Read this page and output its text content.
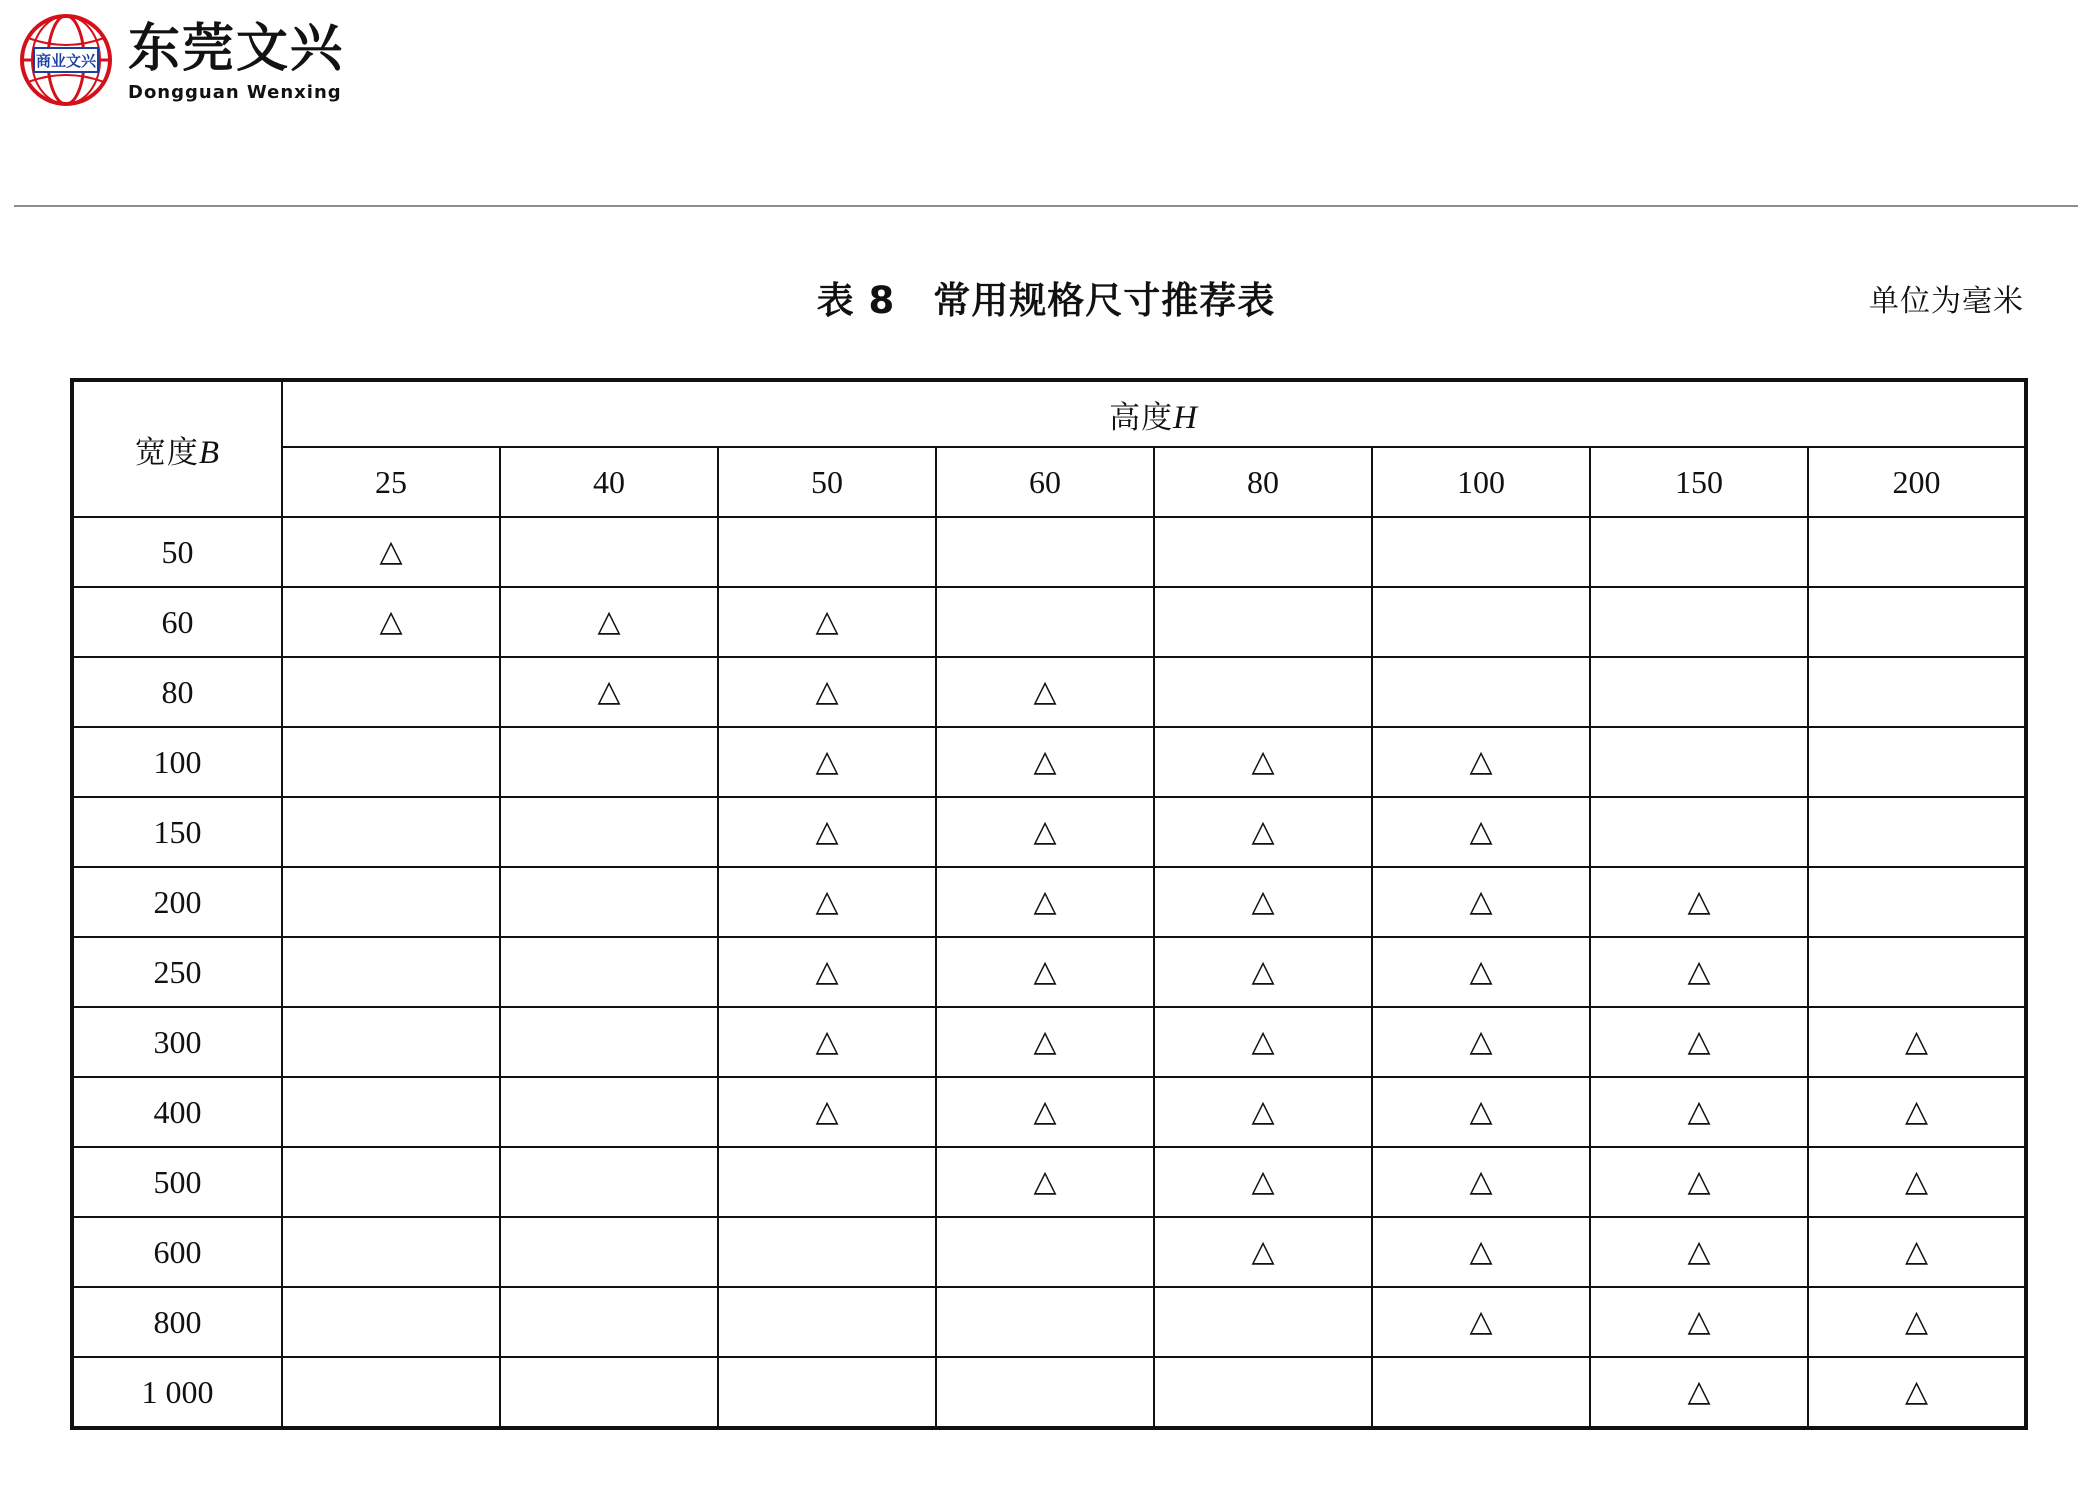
商业文兴 东莞文兴
Dongguan Wenxing
表 8　常用规格尺寸推荐表	单位为毫米
宽度B	高度H							
	25	40	50	60	80	100	150	200
50	△							
60	△	△	△					
80		△	△	△				
100			△	△	△	△		
150			△	△	△	△		
200			△	△	△	△	△	
250			△	△	△	△	△	
300			△	△	△	△	△	△
400			△	△	△	△	△	△
500				△	△	△	△	△
600					△	△	△	△
800						△	△	△
1 000							△	△
